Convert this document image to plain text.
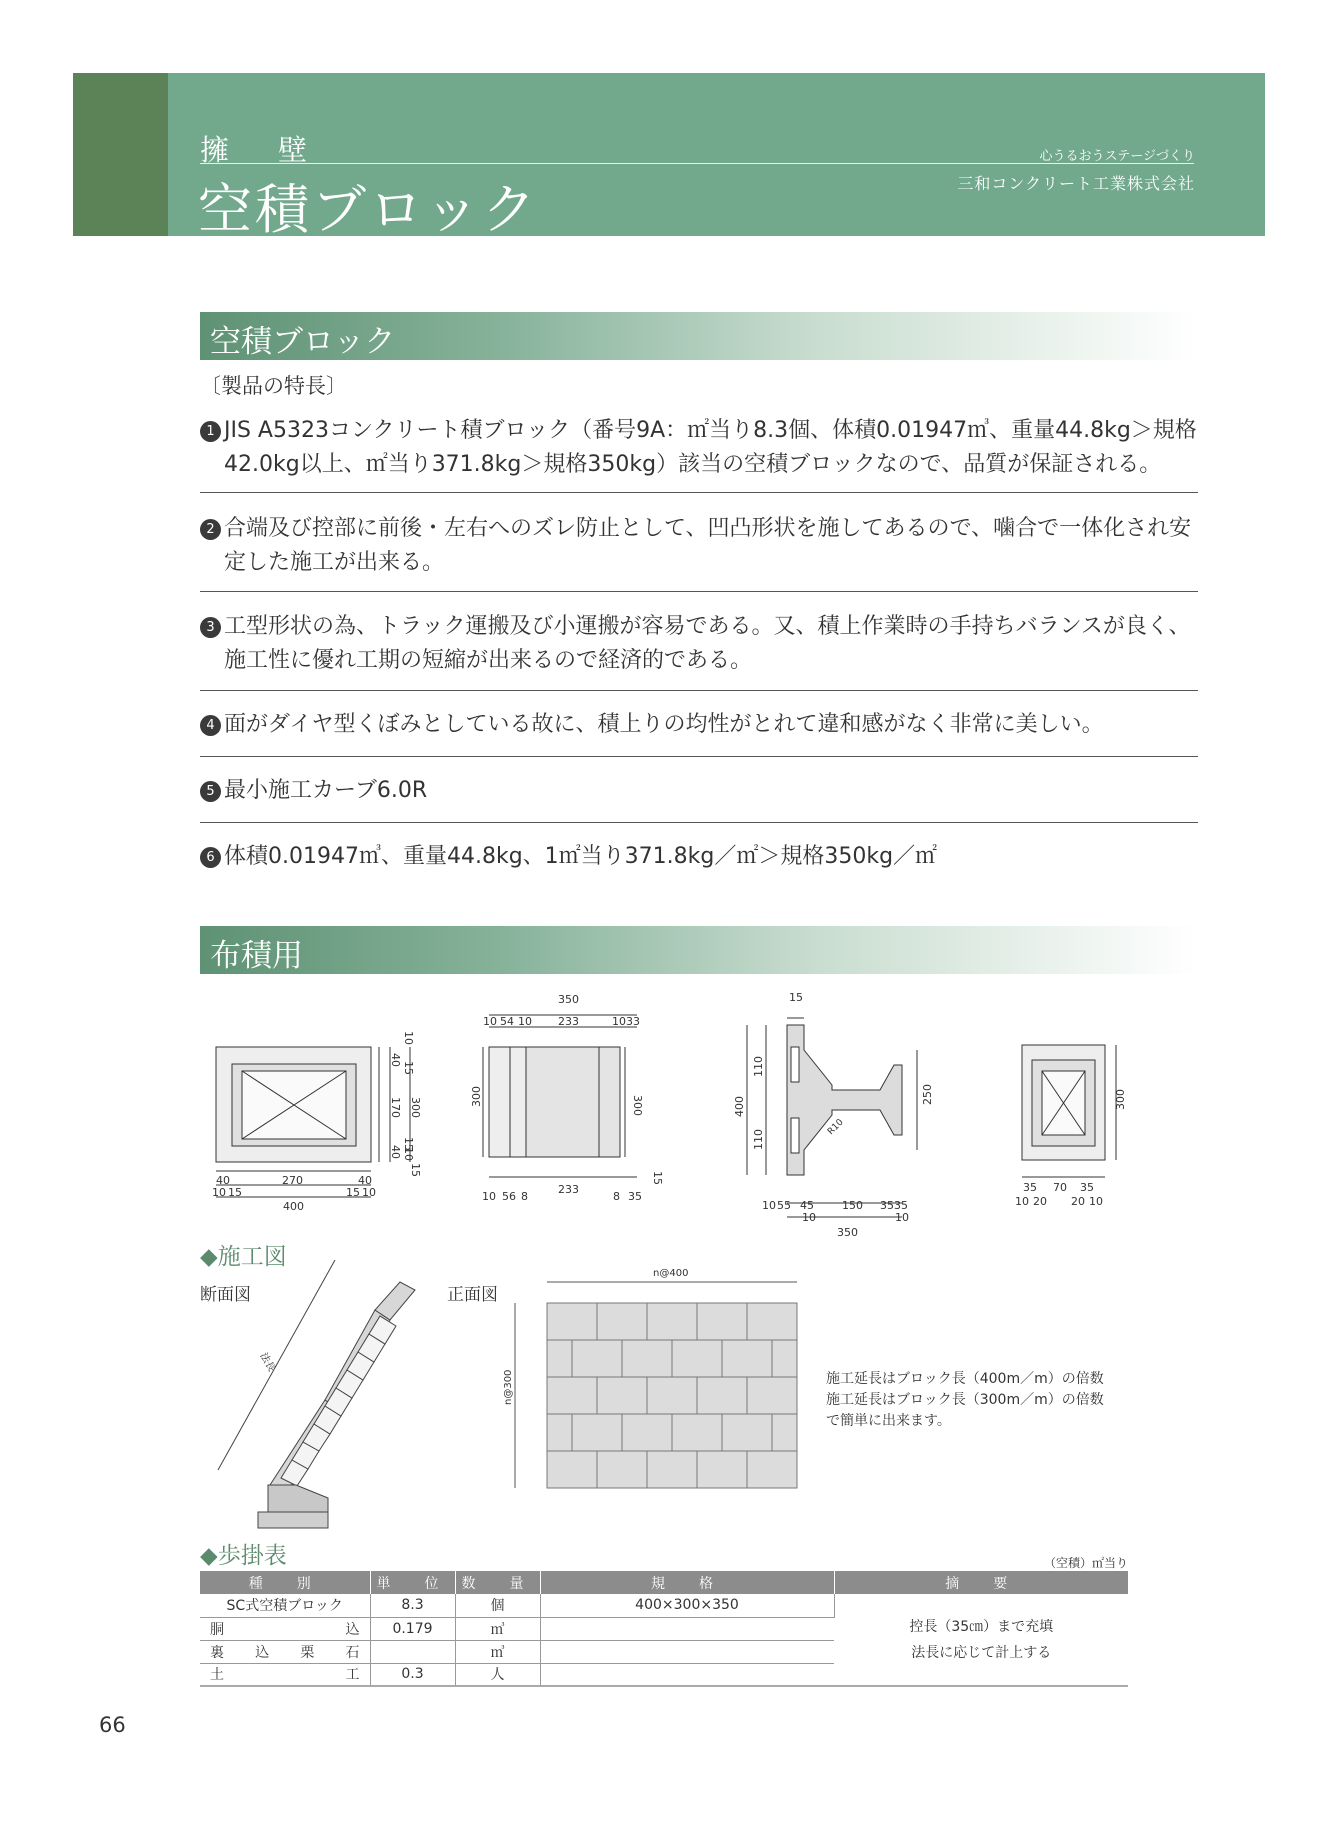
擁　壁
空積ブロック
心うるおうステージづくり
三和コンクリート工業株式会社
空積ブロック
〔製品の特長〕
1 JIS A5323コンクリート積ブロック（番号9A：㎡当り8.3個、体積0.01947㎥、重量44.8kg＞規格42.0kg以上、㎡当り371.8kg＞規格350kg）該当の空積ブロックなので、品質が保証される。
2 合端及び控部に前後・左右へのズレ防止として、凹凸形状を施してあるので、噛合で一体化され安定した施工が出来る。
3 工型形状の為、トラック運搬及び小運搬が容易である。又、積上作業時の手持ちバランスが良く、施工性に優れ工期の短縮が出来るので経済的である。
4 面がダイヤ型くぼみとしている故に、積上りの均性がとれて違和感がなく非常に美しい。
5 最小施工カーブ6.0R
6 体積0.01947㎥、重量44.8kg、1㎡当り371.8kg／㎡＞規格350kg／㎡
布積用
40	270	40
10 15	15 10
400
10
40
15
170 300
15
40 10
15
350
10 54 10 233	10 33
300	300
10 56 8
233
8 35
15
15
400
110
110
R10
250
10 55 45	150 35 35
10	10
350
300
35 70 35
10 20 20 10
◆施工図
断面図	正面図
法長
n@400
n@300	施工延長はブロック長（400m／m）の倍数
施工延長はブロック長（300m／m）の倍数
で簡単に出来ます。
◆歩掛表	（空積）㎡当り
種　別	単　位	数　量	規　格	摘　要
SC式空積ブロック	8.3	個	400×300×350	控長（35㎝）まで充填
法長に応じて計上する

胴込	0.179	㎥		
裏込栗石		㎥		
土工	0.3	人		
66
